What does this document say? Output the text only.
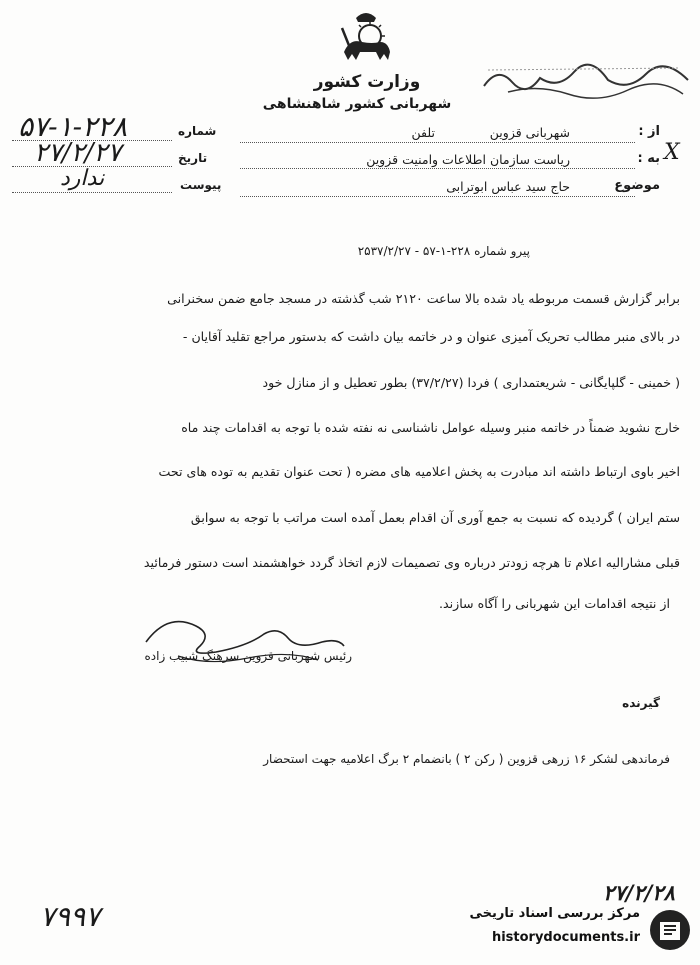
وزارت کشور
شهربانی کشور شاهنشاهی
شماره
۵۷-۱-۲۲۸
تاریخ
۲۷/۲/۲۷
پیوست
ندارد
از :
شهربانی قزوین
تلفن
به :
ریاست سازمان اطلاعات وامنیت قزوین
موضوع
حاج سید عباس ابوترابی
X
پیرو شماره ۲۲۸-۱-۵۷ - ۲۵۳۷/۲/۲۷
برابر گزارش قسمت مربوطه یاد شده بالا ساعت ۲۱۲۰ شب گذشته در مسجد جامع ضمن سخنرانی
در بالای منبر مطالب تحریک آمیزی عنوان و در خاتمه بیان داشت که بدستور مراجع تقلید آقایان -
( خمینی - گلپایگانی - شریعتمداری ) فردا (۳۷/۲/۲۷) بطور تعطیل و از منازل خود
خارج نشوید ضمناً در خاتمه منبر وسیله عوامل ناشناسی نه نفته شده با توجه به اقدامات چند ماه
اخیر باوی ارتباط داشته اند مبادرت به پخش اعلامیه های مضره ( تحت عنوان تقدیم به توده های تحت
ستم ایران ) گردیده که نسبت به جمع آوری آن اقدام بعمل آمده است مراتب با توجه به سوابق
قبلی مشارالیه اعلام تا هرچه زودتر درباره وی تصمیمات لازم اتخاذ گردد خواهشمند است دستور فرمائید
از نتیجه اقدامات این شهربانی را آگاه سازند.
رئیس شهربانی قزوین سرهنگ شبیب زاده
گیرنده
فرماندهی لشکر ۱۶ زرهی قزوین ( رکن ۲ ) بانضمام ۲ برگ اعلامیه جهت استحضار
۲۷/۲/۲۸
۷۹۹۷	مرکز بررسی اسناد تاریخی
historydocuments.ir
